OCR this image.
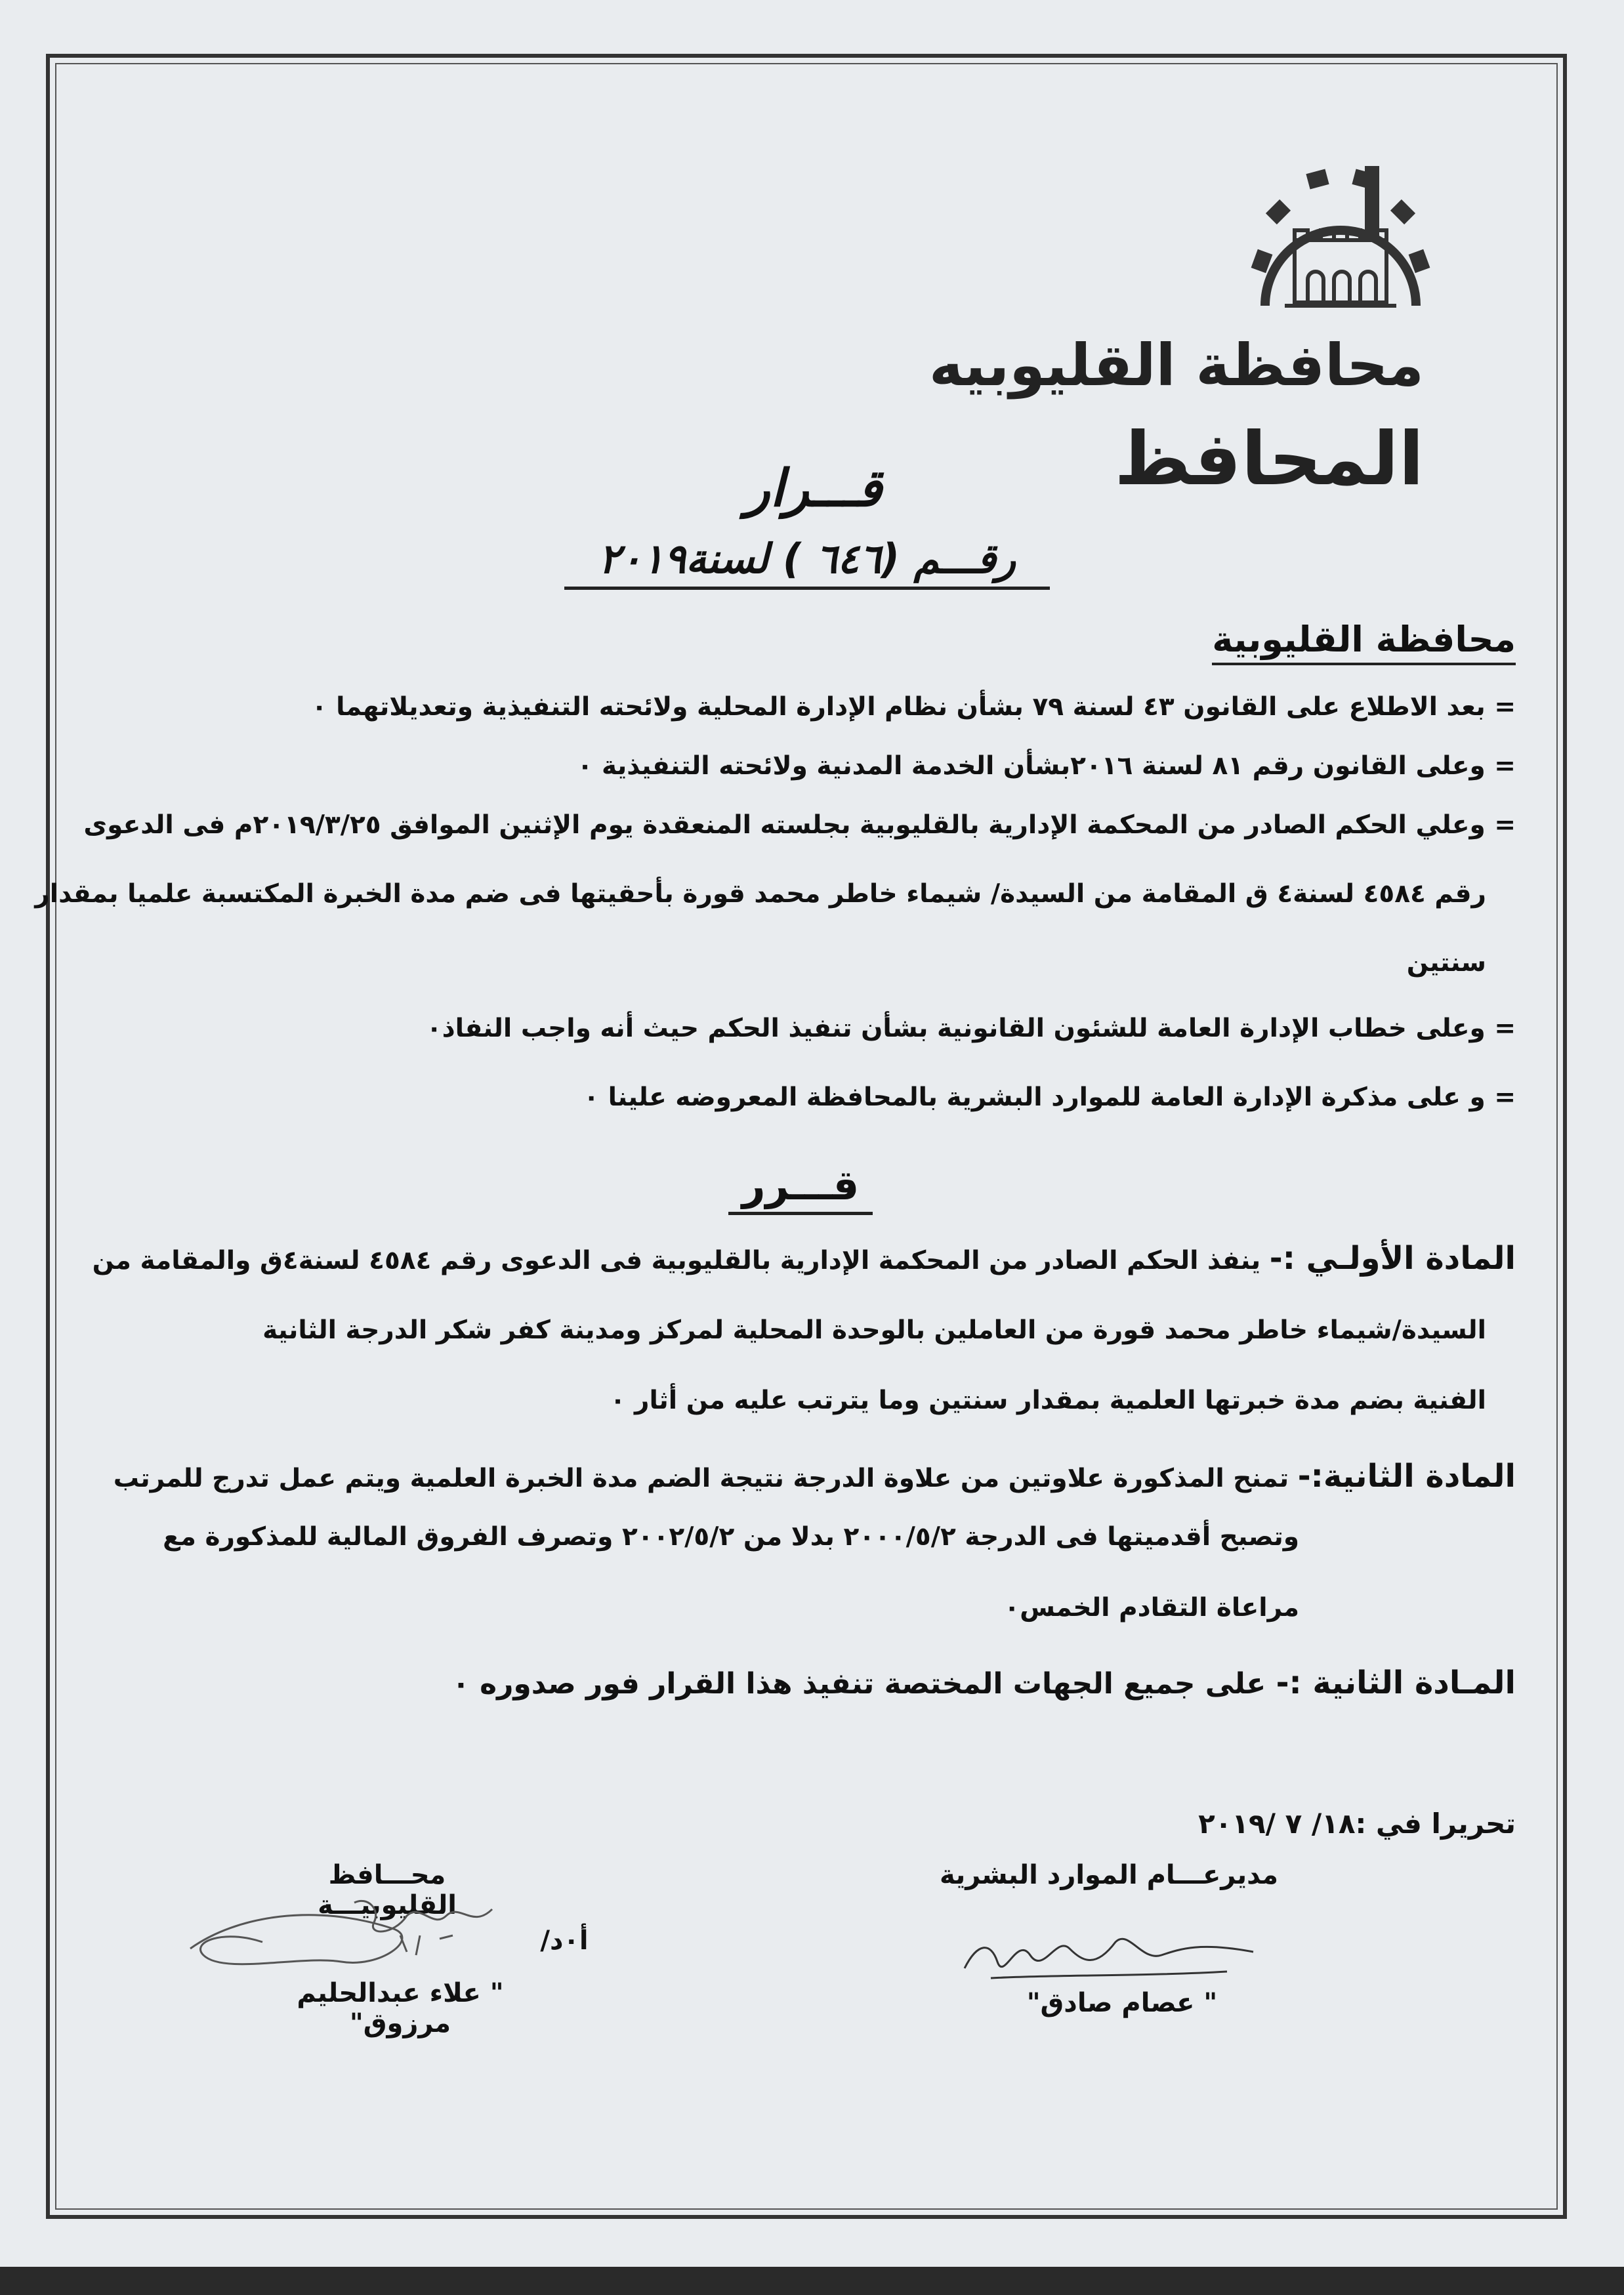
محافظة القليوبيه
المحافظ
قـــرار
رقـــم (٦٤٦ ) لسنة٢٠١٩
محافظة القليوبية
= بعد الاطلاع على القانون ٤٣ لسنة ٧٩ بشأن نظام الإدارة المحلية ولائحته التنفيذية وتعديلاتهما ٠
= وعلى القانون رقم ٨١ لسنة ٢٠١٦بشأن الخدمة المدنية ولائحته التنفيذية ٠
= وعلي الحكم الصادر من المحكمة الإدارية بالقليوبية بجلسته المنعقدة يوم الإثنين الموافق ٢٠١٩/٣/٢٥م فى الدعوى
رقم ٤٥٨٤ لسنة٤ ق المقامة من السيدة/ شيماء خاطر محمد قورة بأحقيتها فى ضم مدة الخبرة المكتسبة علميا بمقدار
سنتين
= وعلى خطاب الإدارة العامة للشئون القانونية بشأن تنفيذ الحكم حيث أنه واجب النفاذ٠
= و على مذكرة الإدارة العامة للموارد البشرية بالمحافظة المعروضه علينا ٠
قـــرر
المادة الأولـي :- ينفذ الحكم الصادر من المحكمة الإدارية بالقليوبية فى الدعوى رقم ٤٥٨٤ لسنة٤ق والمقامة من
السيدة/شيماء خاطر محمد قورة من العاملين بالوحدة المحلية لمركز ومدينة كفر شكر الدرجة الثانية
الفنية بضم مدة خبرتها العلمية بمقدار سنتين وما يترتب عليه من أثار ٠
المادة الثانية:- تمنح المذكورة علاوتين من علاوة الدرجة نتيجة الضم مدة الخبرة العلمية ويتم عمل تدرج للمرتب
وتصبح أقدميتها فى الدرجة ٢٠٠٠/٥/٢ بدلا من ٢٠٠٢/٥/٢ وتصرف الفروق المالية للمذكورة مع
مراعاة التقادم الخمس٠
المـادة الثانية :- على جميع الجهات المختصة تنفيذ هذا القرار فور صدوره ٠
تحريرا في :١٨/ ٧ /٢٠١٩
مديرعـــام الموارد البشرية
" عصام صادق"
محـــافظ القليوبيـــة
أ٠د/
" علاء عبدالحليم مرزوق"
